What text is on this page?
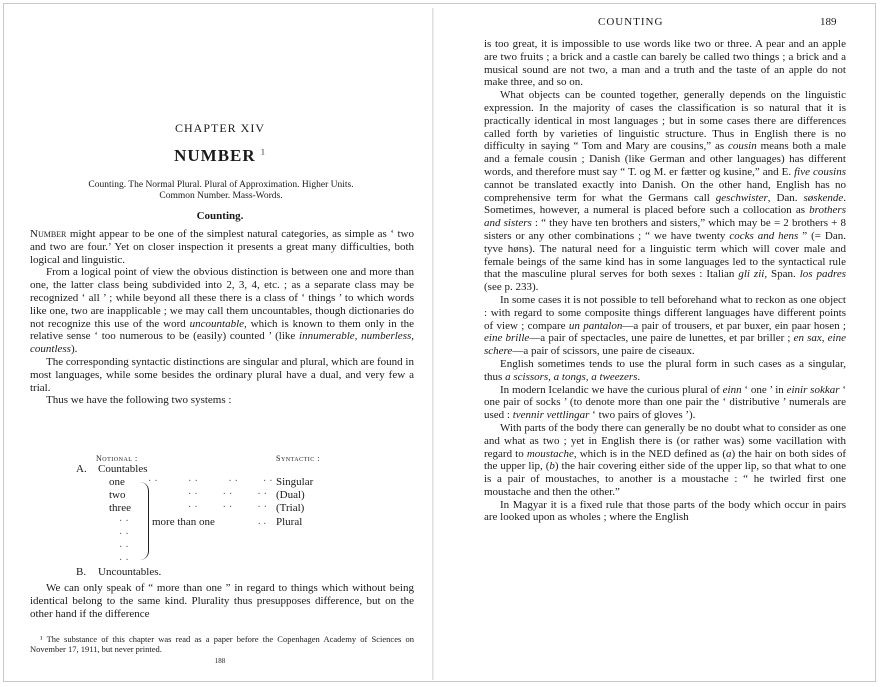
CHAPTER XIV
NUMBER $^1$
Counting. The Normal Plural. Plural of Approximation. Higher Units.
Common Number. Mass-Words.
Counting.

Number might appear to be one of the simplest natural categories, as simple as ‘ two and two are four.’ Yet on closer inspection it presents a great many difficulties, both logical and linguistic.

From a logical point of view the obvious distinction is between one and more than one, the latter class being subdivided into 2, 3, 4, etc. ; as a separate class may be recognized ‘ all ’ ; while beyond all these there is a class of ‘ things ’ to which words like one, two are inapplicable ; we may call them uncountables, though dictionaries do not recognize this use of the word uncountable, which is known to them only in the relative sense ‘ too numerous to be (easily) counted ’ (like innumerable, numberless, countless).

The corresponding syntactic distinctions are singular and plural, which are found in most languages, while some besides the ordinary plural have a dual, and very few a trial.

Thus we have the following two systems :

Notional :	Syntactic :
A. Countables
one ··     ··     ··    ·· Singular
two	··    ··    ·· (Dual)
three	··    ··    ·· (Trial)
··
··
··
··
more than one	.. Plural
B. Uncountables.

We can only speak of “ more than one ” in regard to things which without being identical belong to the same kind. Plurality thus presupposes difference, but on the other hand if the difference

¹ The substance of this chapter was read as a paper before the Copenhagen Academy of Sciences on November 17, 1911, but never printed.

188
COUNTING	189

is too great, it is impossible to use words like two or three. A pear and an apple are two fruits ; a brick and a castle can barely be called two things ; a brick and a musical sound are not two, a man and a truth and the taste of an apple do not make three, and so on.

What objects can be counted together, generally depends on the linguistic expression. In the majority of cases the classification is so natural that it is practically identical in most languages ; but in some cases there are differences called forth by varieties of linguistic structure. Thus in English there is no difficulty in saying “ Tom and Mary are cousins,” as cousin means both a male and a female cousin ; Danish (like German and other languages) has different words, and therefore must say “ T. og M. er fætter og kusine,” and E. five cousins cannot be translated exactly into Danish. On the other hand, English has no comprehensive term for what the Germans call geschwister, Dan. søskende. Sometimes, however, a numeral is placed before such a collocation as brothers and sisters : “ they have ten brothers and sisters,” which may be = 2 brothers + 8 sisters or any other combinations ; “ we have twenty cocks and hens ” (= Dan. tyve høns). The natural need for a linguistic term which will cover male and female beings of the same kind has in some languages led to the syntactical rule that the masculine plural serves for both sexes : Italian gli zii, Span. los padres (see p. 233).

In some cases it is not possible to tell beforehand what to reckon as one object : with regard to some composite things different languages have different points of view ; compare un pantalon—a pair of trousers, et par buxer, ein paar hosen ; eine brille—a pair of spectacles, une paire de lunettes, et par briller ; en sax, eine schere—a pair of scissors, une paire de ciseaux.

English sometimes tends to use the plural form in such cases as a singular, thus a scissors, a tongs, a tweezers.

In modern Icelandic we have the curious plural of einn ‘ one ’ in einir sokkar ‘ one pair of socks ’ (to denote more than one pair the ‘ distributive ’ numerals are used : tvennir vettlingar ‘ two pairs of gloves ’).

With parts of the body there can generally be no doubt what to consider as one and what as two ; yet in English there is (or rather was) some vacillation with regard to moustache, which is in the NED defined as (a) the hair on both sides of the upper lip, (b) the hair covering either side of the upper lip, so that what to one is a pair of moustaches, to another is a moustache : “ he twirled first one moustache and then the other.”

In Magyar it is a fixed rule that those parts of the body which occur in pairs are looked upon as wholes ; where the English
